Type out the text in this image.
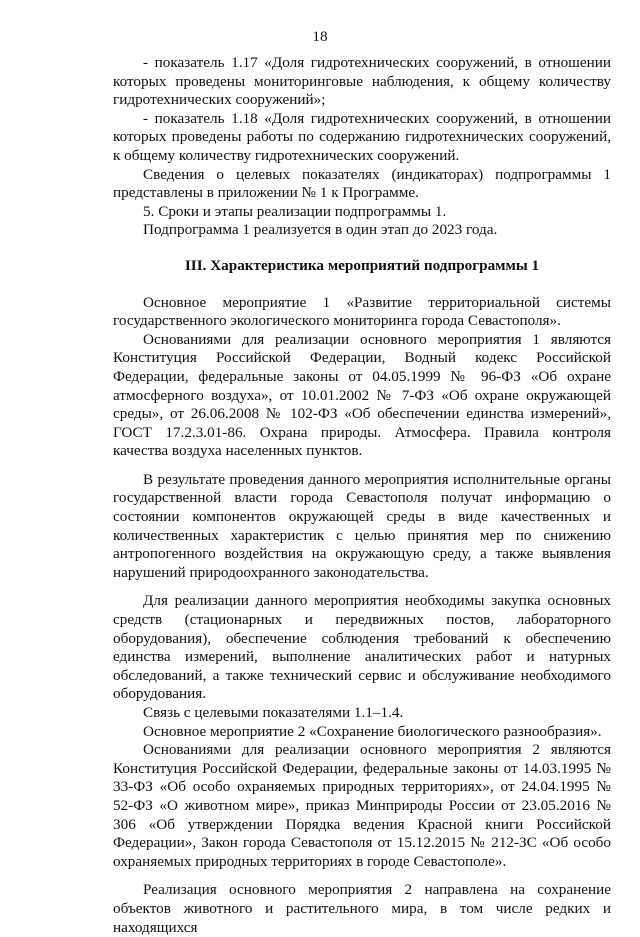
18

- показатель 1.17 «Доля гидротехнических сооружений, в отношении которых проведены мониторинговые наблюдения, к общему количеству гидротехнических сооружений»;

- показатель 1.18 «Доля гидротехнических сооружений, в отношении которых проведены работы по содержанию гидротехнических сооружений, к общему количеству гидротехнических сооружений.

Сведения о целевых показателях (индикаторах) подпрограммы 1 представлены в приложении № 1 к Программе.

5. Сроки и этапы реализации подпрограммы 1.

Подпрограмма 1 реализуется в один этап до 2023 года.

III. Характеристика мероприятий подпрограммы 1

Основное мероприятие 1 «Развитие территориальной системы государственного экологического мониторинга города Севастополя».

Основаниями для реализации основного мероприятия 1 являются Конституция Российской Федерации, Водный кодекс Российской Федерации, федеральные законы от 04.05.1999 № 96-ФЗ «Об охране атмосферного воздуха», от 10.01.2002 № 7-ФЗ «Об охране окружающей среды», от 26.06.2008 № 102-ФЗ «Об обеспечении единства измерений», ГОСТ 17.2.3.01-86. Охрана природы. Атмосфера. Правила контроля качества воздуха населенных пунктов.

В результате проведения данного мероприятия исполнительные органы государственной власти города Севастополя получат информацию о состоянии компонентов окружающей среды в виде качественных и количественных характеристик с целью принятия мер по снижению антропогенного воздействия на окружающую среду, а также выявления нарушений природоохранного законодательства.

Для реализации данного мероприятия необходимы закупка основных средств (стационарных и передвижных постов, лабораторного оборудования), обеспечение соблюдения требований к обеспечению единства измерений, выполнение аналитических работ и натурных обследований, а также технический сервис и обслуживание необходимого оборудования.

Связь с целевыми показателями 1.1–1.4.

Основное мероприятие 2 «Сохранение биологического разнообразия».

Основаниями для реализации основного мероприятия 2 являются Конституция Российской Федерации, федеральные законы от 14.03.1995 № 33-ФЗ «Об особо охраняемых природных территориях», от 24.04.1995 № 52-ФЗ «О животном мире», приказ Минприроды России от 23.05.2016 № 306 «Об утверждении Порядка ведения Красной книги Российской Федерации», Закон города Севастополя от 15.12.2015 № 212-ЗС «Об особо охраняемых природных территориях в городе Севастополе».

Реализация основного мероприятия 2 направлена на сохранение объектов животного и растительного мира, в том числе редких и находящихся
